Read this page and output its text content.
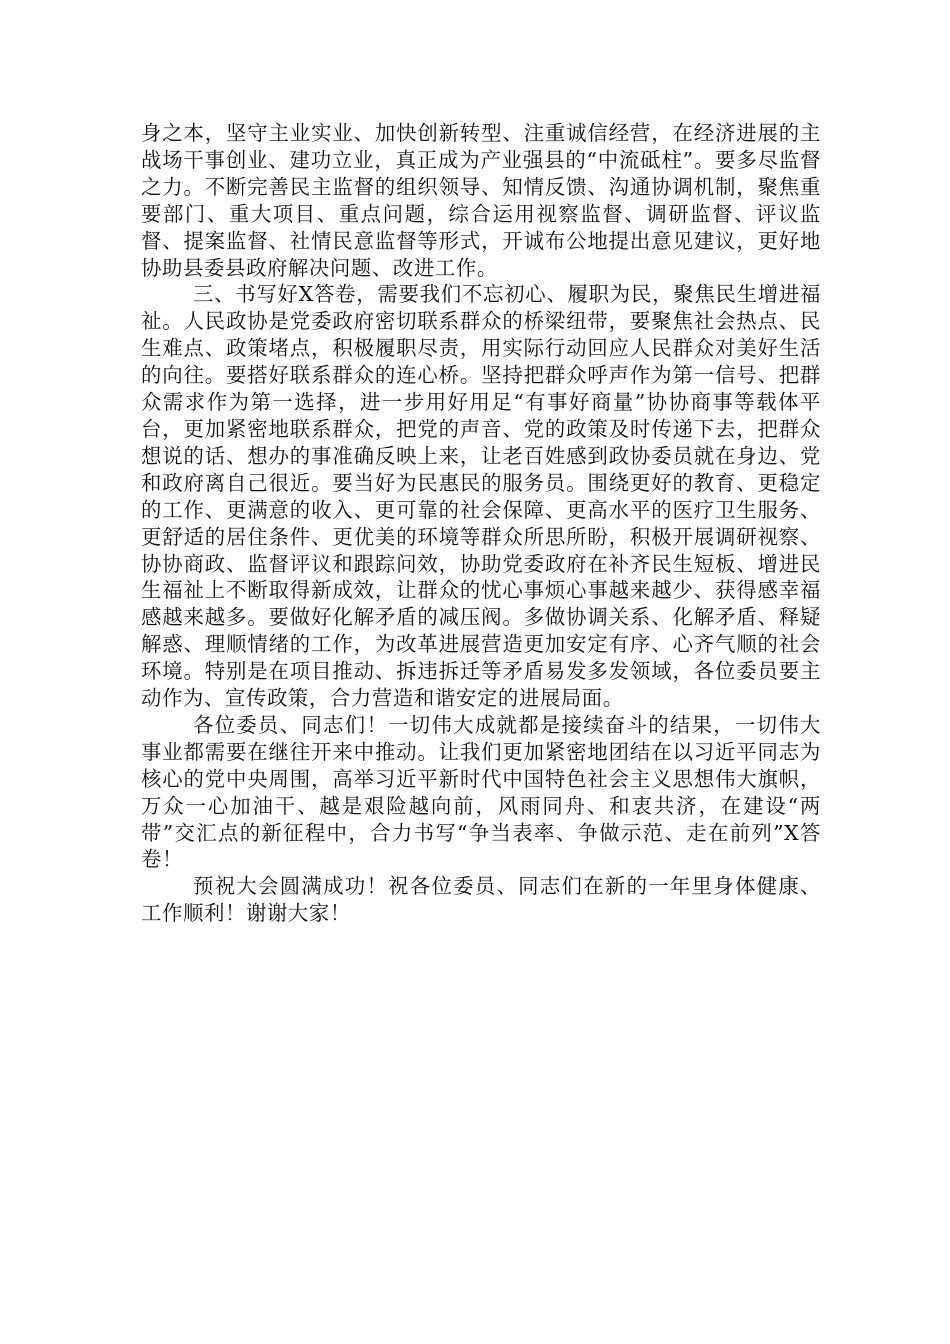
身之本，坚守主业实业、加快创新转型、注重诚信经营，在经济进展的主战场干事创业、建功立业，真正成为产业强县的“中流砥柱”。要多尽监督之力。不断完善民主监督的组织领导、知情反馈、沟通协调机制，聚焦重要部门、重大项目、重点问题，综合运用视察监督、调研监督、评议监督、提案监督、社情民意监督等形式，开诚布公地提出意见建议，更好地协助县委县政府解决问题、改进工作。

三、书写好X答卷，需要我们不忘初心、履职为民，聚焦民生增进福祉。人民政协是党委政府密切联系群众的桥梁纽带，要聚焦社会热点、民生难点、政策堵点，积极履职尽责，用实际行动回应人民群众对美好生活的向往。要搭好联系群众的连心桥。坚持把群众呼声作为第一信号、把群众需求作为第一选择，进一步用好用足“有事好商量”协协商事等载体平台，更加紧密地联系群众，把党的声音、党的政策及时传递下去，把群众想说的话、想办的事准确反映上来，让老百姓感到政协委员就在身边、党和政府离自己很近。要当好为民惠民的服务员。围绕更好的教育、更稳定的工作、更满意的收入、更可靠的社会保障、更高水平的医疗卫生服务、更舒适的居住条件、更优美的环境等群众所思所盼，积极开展调研视察、协协商政、监督评议和跟踪问效，协助党委政府在补齐民生短板、增进民生福祉上不断取得新成效，让群众的忧心事烦心事越来越少、获得感幸福感越来越多。要做好化解矛盾的减压阀。多做协调关系、化解矛盾、释疑解惑、理顺情绪的工作，为改革进展营造更加安定有序、心齐气顺的社会环境。特别是在项目推动、拆违拆迁等矛盾易发多发领域，各位委员要主动作为、宣传政策，合力营造和谐安定的进展局面。

各位委员、同志们！一切伟大成就都是接续奋斗的结果，一切伟大事业都需要在继往开来中推动。让我们更加紧密地团结在以习近平同志为核心的党中央周围，高举习近平新时代中国特色社会主义思想伟大旗帜，万众一心加油干、越是艰险越向前，风雨同舟、和衷共济，在建设“两带”交汇点的新征程中，合力书写“争当表率、争做示范、走在前列”X答卷！

预祝大会圆满成功！祝各位委员、同志们在新的一年里身体健康、工作顺利！谢谢大家！
